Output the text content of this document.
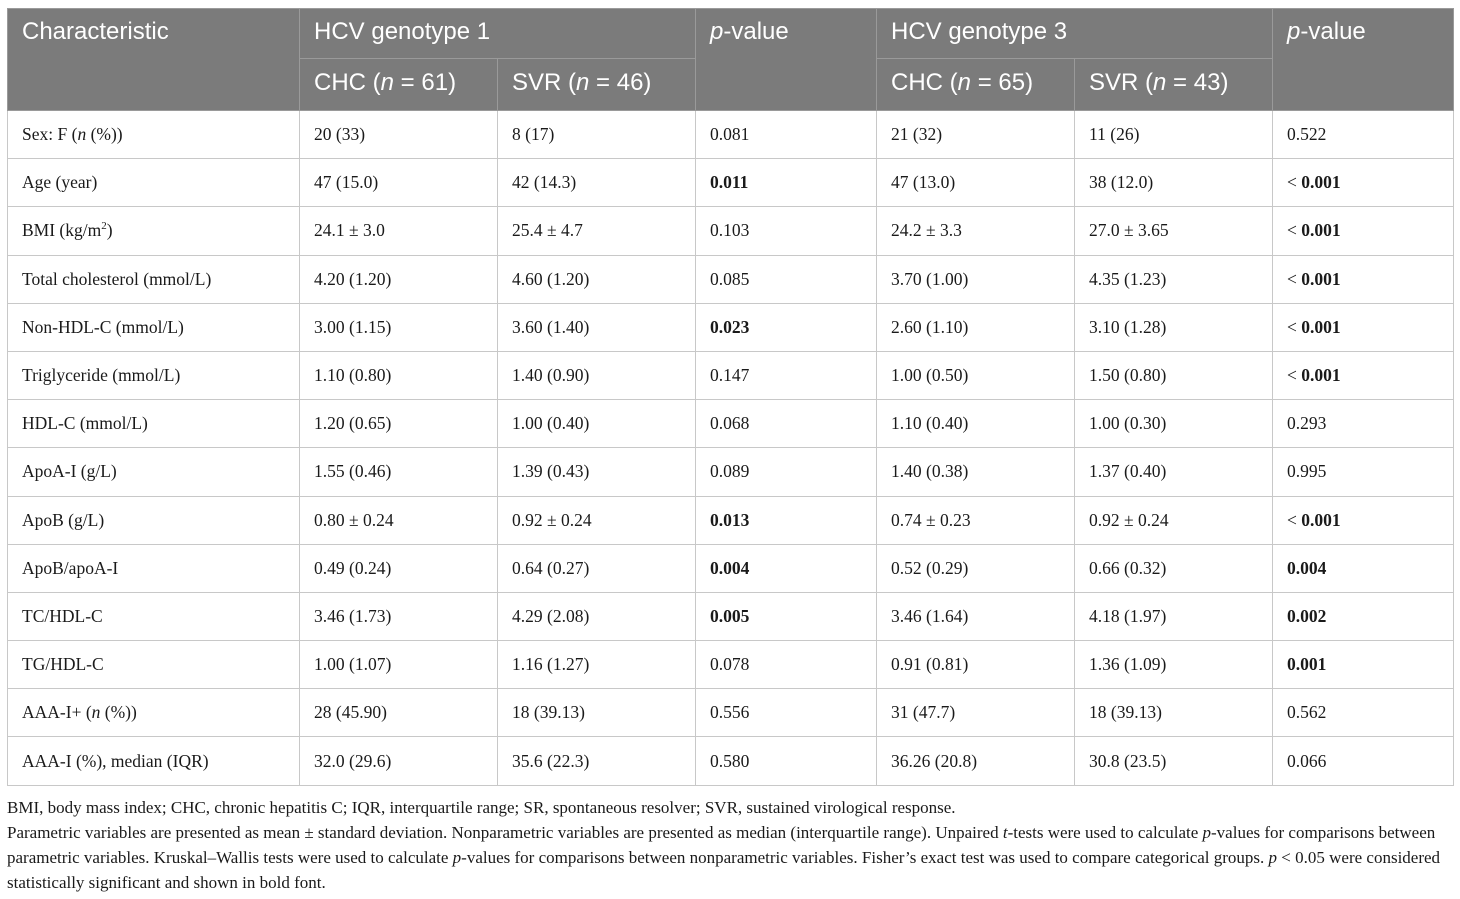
Characteristic	HCV genotype 1		p-value	HCV genotype 3		p-value
	CHC (n = 61)	SVR (n = 46)		CHC (n = 65)	SVR (n = 43)	
Sex: F (n (%))	20 (33)	8 (17)	0.081	21 (32)	11 (26)	0.522
Age (year)	47 (15.0)	42 (14.3)	0.011	47 (13.0)	38 (12.0)	< 0.001
BMI $(kg/m^2)$	24.1 ± 3.0	25.4 ± 4.7	0.103	24.2 ± 3.3	27.0 ± 3.65	< 0.001
Total cholesterol (mmol/L)	4.20 (1.20)	4.60 (1.20)	0.085	3.70 (1.00)	4.35 (1.23)	< 0.001
Non-HDL-C (mmol/L)	3.00 (1.15)	3.60 (1.40)	0.023	2.60 (1.10)	3.10 (1.28)	< 0.001
Triglyceride (mmol/L)	1.10 (0.80)	1.40 (0.90)	0.147	1.00 (0.50)	1.50 (0.80)	< 0.001
HDL-C (mmol/L)	1.20 (0.65)	1.00 (0.40)	0.068	1.10 (0.40)	1.00 (0.30)	0.293
ApoA-I (g/L)	1.55 (0.46)	1.39 (0.43)	0.089	1.40 (0.38)	1.37 (0.40)	0.995
ApoB (g/L)	0.80 ± 0.24	0.92 ± 0.24	0.013	0.74 ± 0.23	0.92 ± 0.24	< 0.001
ApoB/apoA-I	0.49 (0.24)	0.64 (0.27)	0.004	0.52 (0.29)	0.66 (0.32)	0.004
TC/HDL-C	3.46 (1.73)	4.29 (2.08)	0.005	3.46 (1.64)	4.18 (1.97)	0.002
TG/HDL-C	1.00 (1.07)	1.16 (1.27)	0.078	0.91 (0.81)	1.36 (1.09)	0.001
AAA-I+ (n (%))	28 (45.90)	18 (39.13)	0.556	31 (47.7)	18 (39.13)	0.562
AAA-I (%), median (IQR)	32.0 (29.6)	35.6 (22.3)	0.580	36.26 (20.8)	30.8 (23.5)	0.066

BMI, body mass index; CHC, chronic hepatitis C; IQR, interquartile range; SR, spontaneous resolver; SVR, sustained virological response.

Parametric variables are presented as mean ± standard deviation. Nonparametric variables are presented as median (interquartile range). Unpaired t-tests were used to calculate p-values for comparisons between parametric variables. Kruskal–Wallis tests were used to calculate p-values for comparisons between nonparametric variables. Fisher’s exact test was used to compare categorical groups. p < 0.05 were considered statistically significant and shown in bold font.
